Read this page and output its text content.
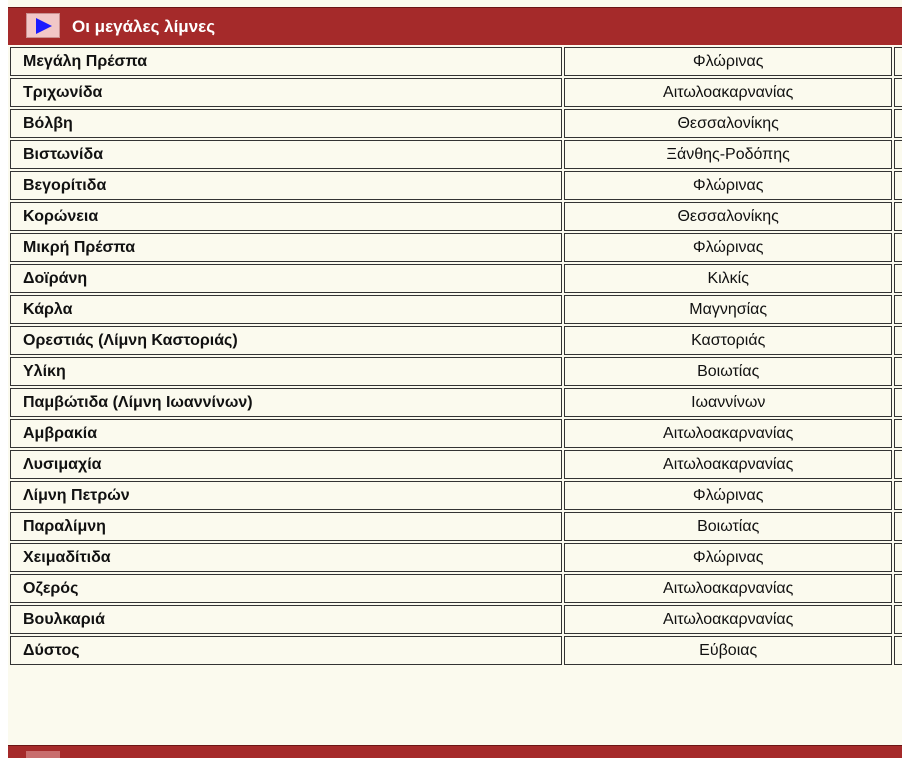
Οι μεγάλες λίμνες
Μεγάλη Πρέσπα	Φλώρινας	
Τριχωνίδα	Αιτωλοακαρνανίας	
Βόλβη	Θεσσαλονίκης	
Βιστωνίδα	Ξάνθης-Ροδόπης	
Βεγορίτιδα	Φλώρινας	
Κορώνεια	Θεσσαλονίκης	
Μικρή Πρέσπα	Φλώρινας	
Δοϊράνη	Κιλκίς	
Κάρλα	Μαγνησίας	
Ορεστιάς (Λίμνη Καστοριάς)	Καστοριάς	
Υλίκη	Βοιωτίας	
Παμβώτιδα (Λίμνη Ιωαννίνων)	Ιωαννίνων	
Αμβρακία	Αιτωλοακαρνανίας	
Λυσιμαχία	Αιτωλοακαρνανίας	
Λίμνη Πετρών	Φλώρινας	
Παραλίμνη	Βοιωτίας	
Χειμαδίτιδα	Φλώρινας	
Οζερός	Αιτωλοακαρνανίας	
Βουλκαριά	Αιτωλοακαρνανίας	
Δύστος	Εύβοιας	
